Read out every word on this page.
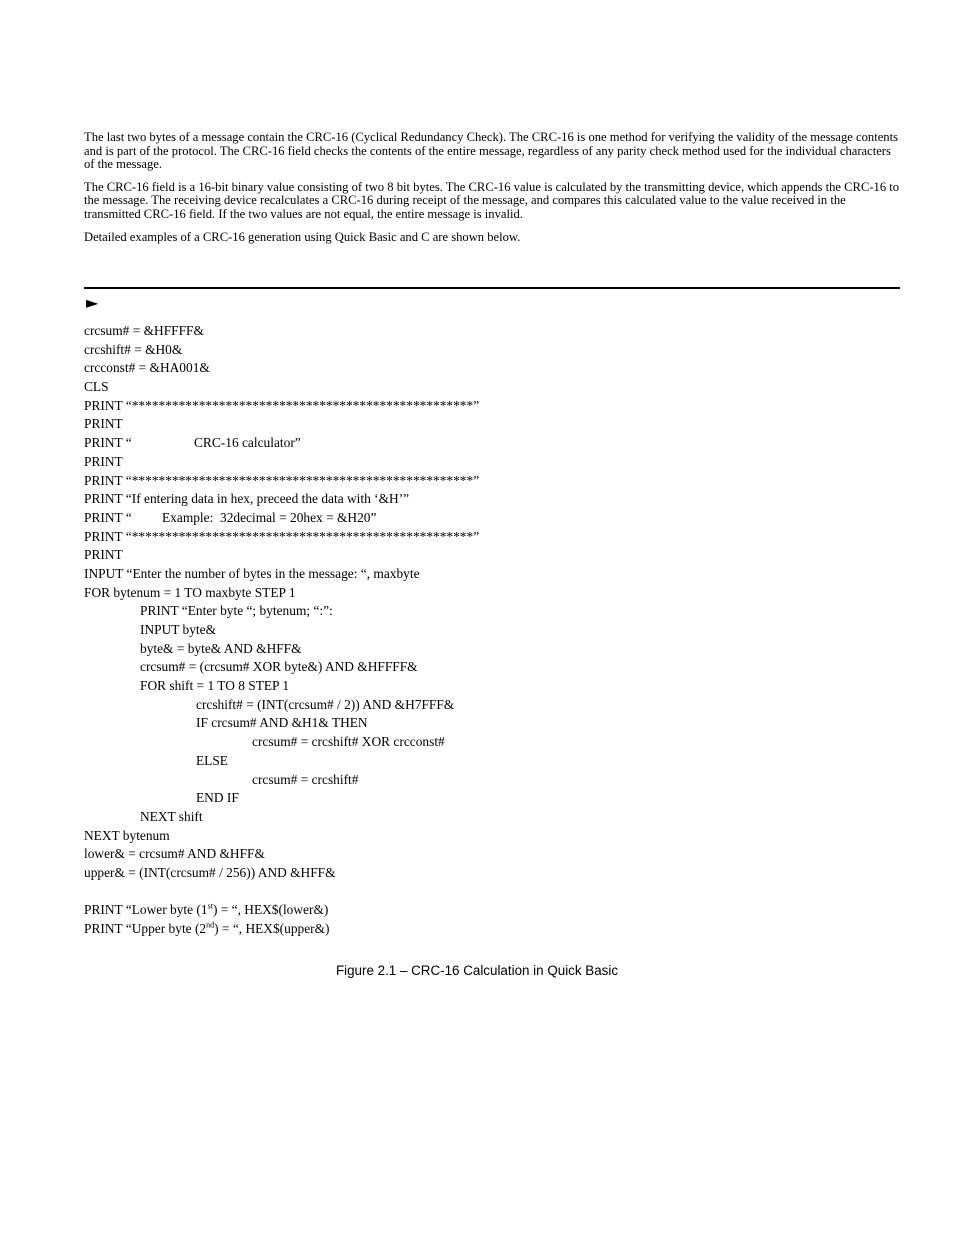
The last two bytes of a message contain the CRC-16 (Cyclical Redundancy Check). The CRC-16 is one method for verifying the validity of the message contents and is part of the protocol. The CRC-16 field checks the contents of the entire message, regardless of any parity check method used for the individual characters of the message.

The CRC-16 field is a 16-bit binary value consisting of two 8 bit bytes. The CRC-16 value is calculated by the transmitting device, which appends the CRC-16 to the message. The receiving device recalculates a CRC-16 during receipt of the message, and compares this calculated value to the value received in the transmitted CRC-16 field. If the two values are not equal, the entire message is invalid.

Detailed examples of a CRC-16 generation using Quick Basic and C are shown below.

►
crcsum# = &HFFFF&
crcshift# = &H0&
crcconst# = &HA001&
CLS
PRINT “***************************************************”
PRINT
PRINT “	CRC-16 calculator”
PRINT
PRINT “***************************************************”
PRINT “If entering data in hex, preceed the data with ‘&H’”
PRINT “ Example:  32decimal = 20hex = &H20”
PRINT “***************************************************”
PRINT
INPUT “Enter the number of bytes in the message: “, maxbyte
FOR bytenum = 1 TO maxbyte STEP 1
PRINT “Enter byte “; bytenum; “:”:
INPUT byte&
byte& = byte& AND &HFF&
crcsum# = (crcsum# XOR byte&) AND &HFFFF&
FOR shift = 1 TO 8 STEP 1
crcshift# = (INT(crcsum# / 2)) AND &H7FFF&
IF crcsum# AND &H1& THEN
crcsum# = crcshift# XOR crcconst#
ELSE
crcsum# = crcshift#
END IF
NEXT shift
NEXT bytenum
lower& = crcsum# AND &HFF&
upper& = (INT(crcsum# / 256)) AND &HFF&
PRINT “Lower byte (1st) = “, HEX$(lower&)
PRINT “Upper byte (2nd) = “, HEX$(upper&)
Figure 2.1 – CRC-16 Calculation in Quick Basic
